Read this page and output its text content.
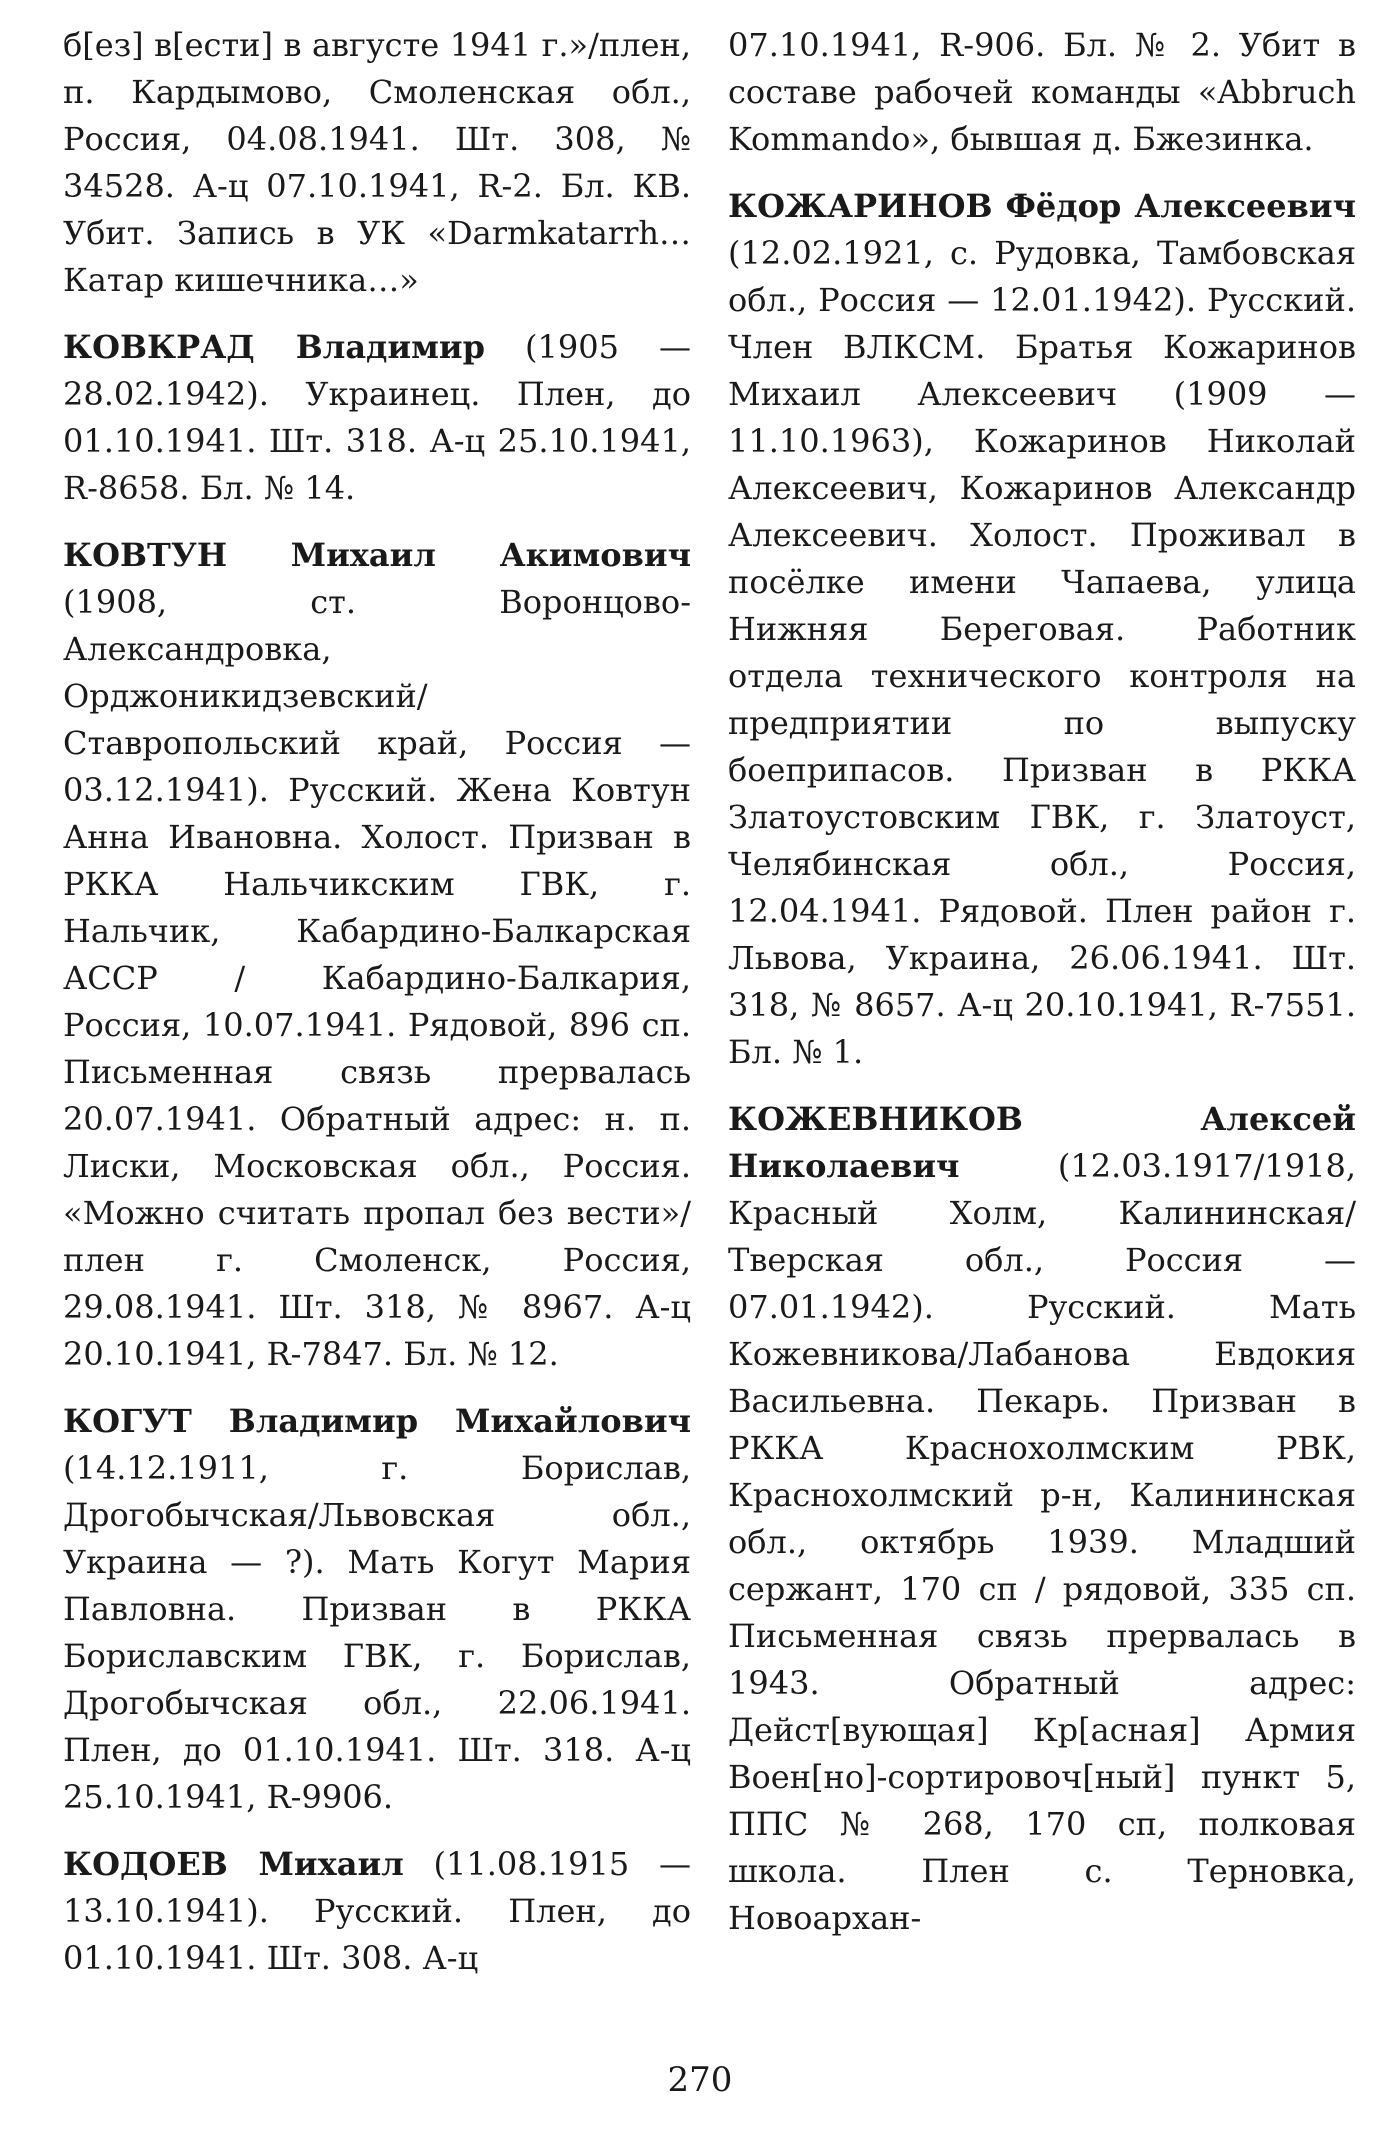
б[ез] в[ести] в августе 1941 г.»/плен, п. Кардымово, Смоленская обл., Россия, 04.08.1941. Шт. 308, № 34528. А-ц 07.10.1941, R-2. Бл. КВ. Убит. Запись в УК «Darmkatarrh… Катар кишечника…»

КОВКРАД Владимир (1905 — 28.02.1942). Украинец. Плен, до 01.10.1941. Шт. 318. А-ц 25.10.1941, R-8658. Бл. № 14.

КОВТУН Михаил Акимович (1908, ст. Воронцово-Александровка, Орджоникидзевский/Ставропольский край, Россия — 03.12.1941). Русский. Жена Ковтун Анна Ивановна. Холост. Призван в РККА Нальчикским ГВК, г. Нальчик, Кабардино-Балкарская АССР / Кабардино-Балкария, Россия, 10.07.1941. Рядовой, 896 сп. Письменная связь прервалась 20.07.1941. Обратный адрес: н. п. Лиски, Московская обл., Россия. «Можно считать пропал без вести»/плен г. Смоленск, Россия, 29.08.1941. Шт. 318, № 8967. А-ц 20.10.1941, R-7847. Бл. № 12.

КОГУТ Владимир Михайлович (14.12.1911, г. Борислав, Дрогобычская/Львовская обл., Украина — ?). Мать Когут Мария Павловна. Призван в РККА Бориславским ГВК, г. Борислав, Дрогобычская обл., 22.06.1941. Плен, до 01.10.1941. Шт. 318. А-ц 25.10.1941, R-9906.

КОДОЕВ Михаил (11.08.1915 — 13.10.1941). Русский. Плен, до 01.10.1941. Шт. 308. А-ц

07.10.1941, R-906. Бл. № 2. Убит в составе рабочей команды «Abbruch Kommando», бывшая д. Бжезинка.

КОЖАРИНОВ Фёдор Алексеевич (12.02.1921, с. Рудовка, Тамбовская обл., Россия — 12.01.1942). Русский. Член ВЛКСМ. Братья Кожаринов Михаил Алексеевич (1909 — 11.10.1963), Кожаринов Николай Алексеевич, Кожаринов Александр Алексеевич. Холост. Проживал в посёлке имени Чапаева, улица Нижняя Береговая. Работник отдела технического контроля на предприятии по выпуску боеприпасов. Призван в РККА Златоустовским ГВК, г. Златоуст, Челябинская обл., Россия, 12.04.1941. Рядовой. Плен район г. Львова, Украина, 26.06.1941. Шт. 318, № 8657. А-ц 20.10.1941, R-7551. Бл. № 1.

КОЖЕВНИКОВ Алексей Николаевич (12.03.1917/1918, Красный Холм, Калининская/Тверская обл., Россия — 07.01.1942). Русский. Мать Кожевникова/Лабанова Евдокия Васильевна. Пекарь. Призван в РККА Краснохолмским РВК, Краснохолмский р-н, Калининская обл., октябрь 1939. Младший сержант, 170 сп / рядовой, 335 сп. Письменная связь прервалась в 1943. Обратный адрес: Дейст[вующая] Кр[асная] Армия Воен[но]-сортировоч[ный] пункт 5, ППС № 268, 170 сп, полковая школа. Плен с. Терновка, Новоархан-

270
